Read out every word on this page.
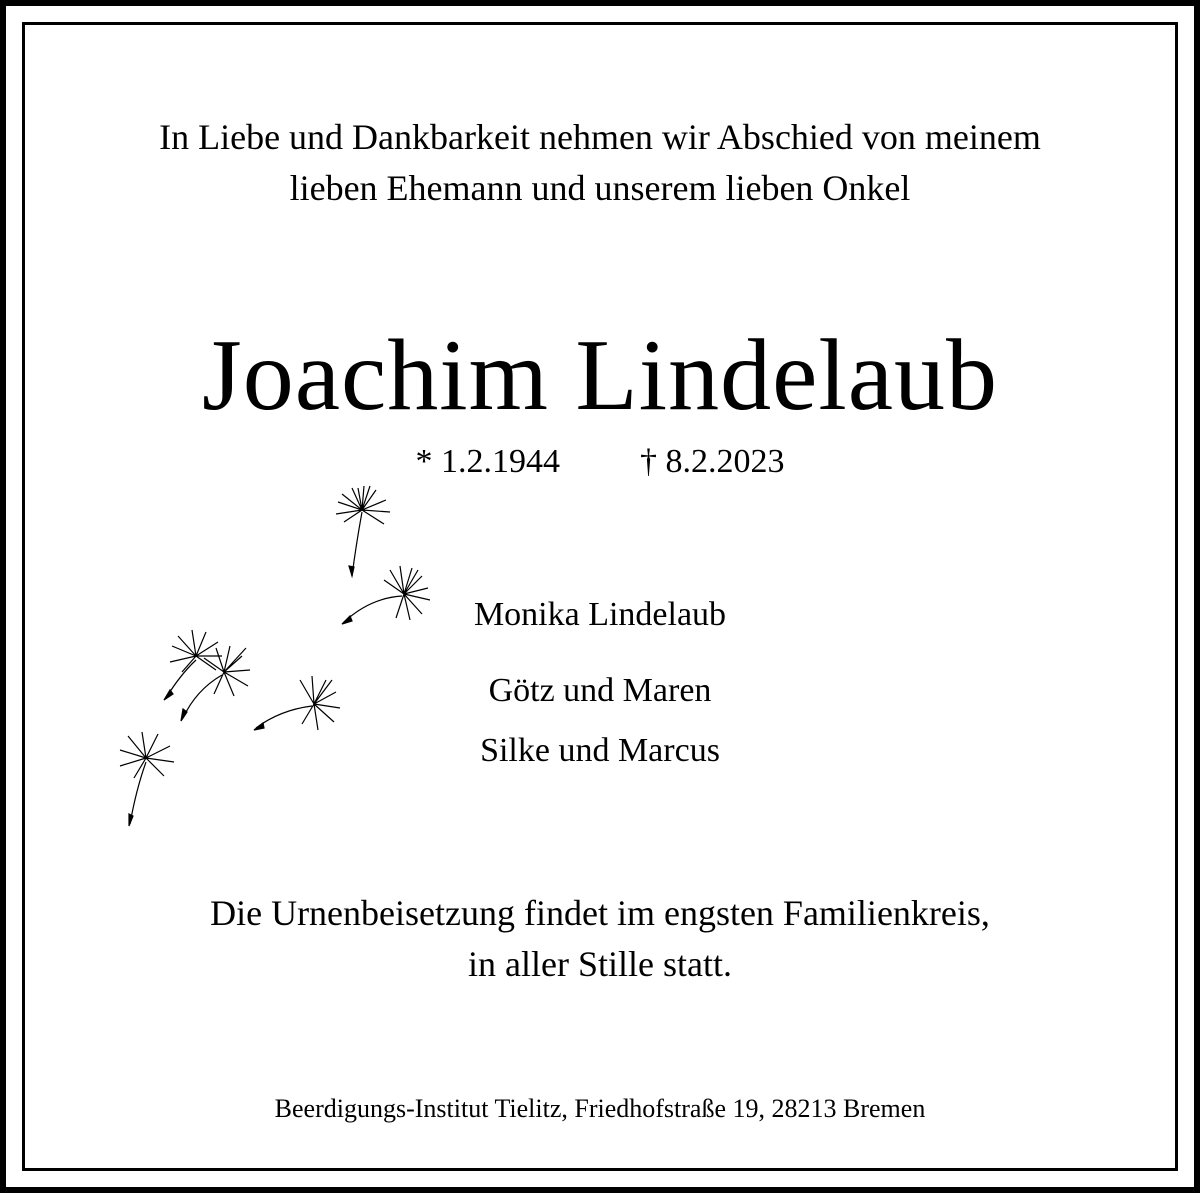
In Liebe und Dankbarkeit nehmen wir Abschied von meinem
lieben Ehemann und unserem lieben Onkel
Joachim Lindelaub
* 1.2.1944 † 8.2.2023
Monika Lindelaub
Götz und Maren
Silke und Marcus
Die Urnenbeisetzung findet im engsten Familienkreis,
in aller Stille statt.
Beerdigungs-Institut Tielitz, Friedhofstraße 19, 28213 Bremen
